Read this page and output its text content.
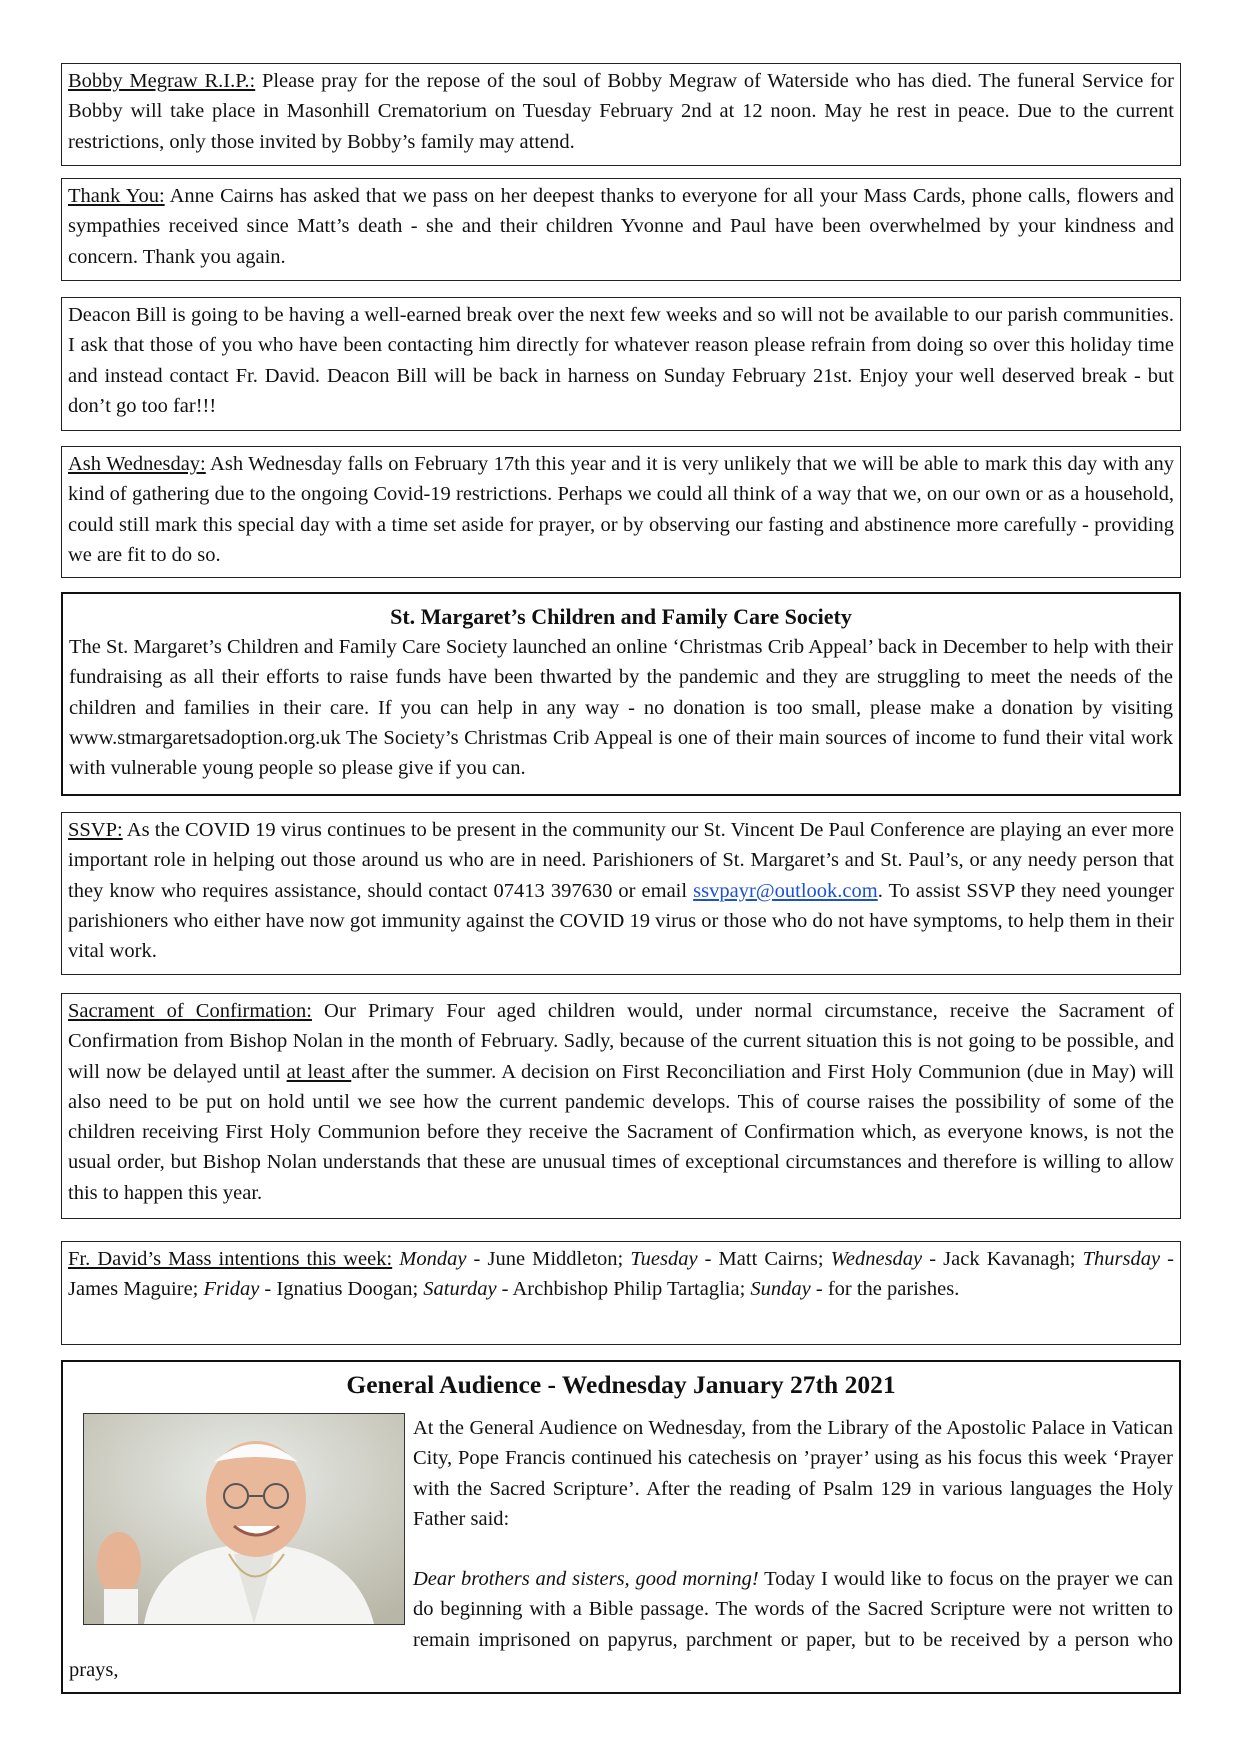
Bobby Megraw R.I.P.: Please pray for the repose of the soul of Bobby Megraw of Waterside who has died. The funeral Service for Bobby will take place in Masonhill Crematorium on Tuesday February 2nd at 12 noon. May he rest in peace. Due to the current restrictions, only those invited by Bobby’s family may attend.

Thank You: Anne Cairns has asked that we pass on her deepest thanks to everyone for all your Mass Cards, phone calls, flowers and sympathies received since Matt’s death - she and their children Yvonne and Paul have been overwhelmed by your kindness and concern. Thank you again.

Deacon Bill is going to be having a well-earned break over the next few weeks and so will not be available to our parish communities. I ask that those of you who have been contacting him directly for whatever reason please refrain from doing so over this holiday time and instead contact Fr. David. Deacon Bill will be back in harness on Sunday February 21st. Enjoy your well deserved break - but don’t go too far!!!

Ash Wednesday: Ash Wednesday falls on February 17th this year and it is very unlikely that we will be able to mark this day with any kind of gathering due to the ongoing Covid-19 restrictions. Perhaps we could all think of a way that we, on our own or as a household, could still mark this special day with a time set aside for prayer, or by observing our fasting and abstinence more carefully - providing we are fit to do so.

St. Margaret’s Children and Family Care Society

The St. Margaret’s Children and Family Care Society launched an online ‘Christmas Crib Appeal’ back in December to help with their fundraising as all their efforts to raise funds have been thwarted by the pandemic and they are struggling to meet the needs of the children and families in their care. If you can help in any way - no donation is too small, please make a donation by visiting www.stmargaretsadoption.org.uk The Society’s Christmas Crib Appeal is one of their main sources of income to fund their vital work with vulnerable young people so please give if you can.

SSVP: As the COVID 19 virus continues to be present in the community our St. Vincent De Paul Conference are playing an ever more important role in helping out those around us who are in need. Parishioners of St. Margaret’s and St. Paul’s, or any needy person that they know who requires assistance, should contact 07413 397630 or email ssvpayr@outlook.com. To assist SSVP they need younger parishioners who either have now got immunity against the COVID 19 virus or those who do not have symptoms, to help them in their vital work.

Sacrament of Confirmation: Our Primary Four aged children would, under normal circumstance, receive the Sacrament of Confirmation from Bishop Nolan in the month of February. Sadly, because of the current situation this is not going to be possible, and will now be delayed until at least after the summer. A decision on First Reconciliation and First Holy Communion (due in May) will also need to be put on hold until we see how the current pandemic develops. This of course raises the possibility of some of the children receiving First Holy Communion before they receive the Sacrament of Confirmation which, as everyone knows, is not the usual order, but Bishop Nolan understands that these are unusual times of exceptional circumstances and therefore is willing to allow this to happen this year.

Fr. David’s Mass intentions this week: Monday - June Middleton; Tuesday - Matt Cairns; Wednesday - Jack Kavanagh; Thursday - James Maguire; Friday - Ignatius Doogan; Saturday - Archbishop Philip Tartaglia; Sunday - for the parishes.

General Audience - Wednesday January 27th 2021

At the General Audience on Wednesday, from the Library of the Apostolic Palace in Vatican City, Pope Francis continued his catechesis on ’prayer’ using as his focus this week ‘Prayer with the Sacred Scripture’. After the reading of Psalm 129 in various languages the Holy Father said:

Dear brothers and sisters, good morning! Today I would like to focus on the prayer we can do beginning with a Bible passage. The words of the Sacred Scripture were not written to remain imprisoned on papyrus, parchment or paper, but to be received by a person who prays,
